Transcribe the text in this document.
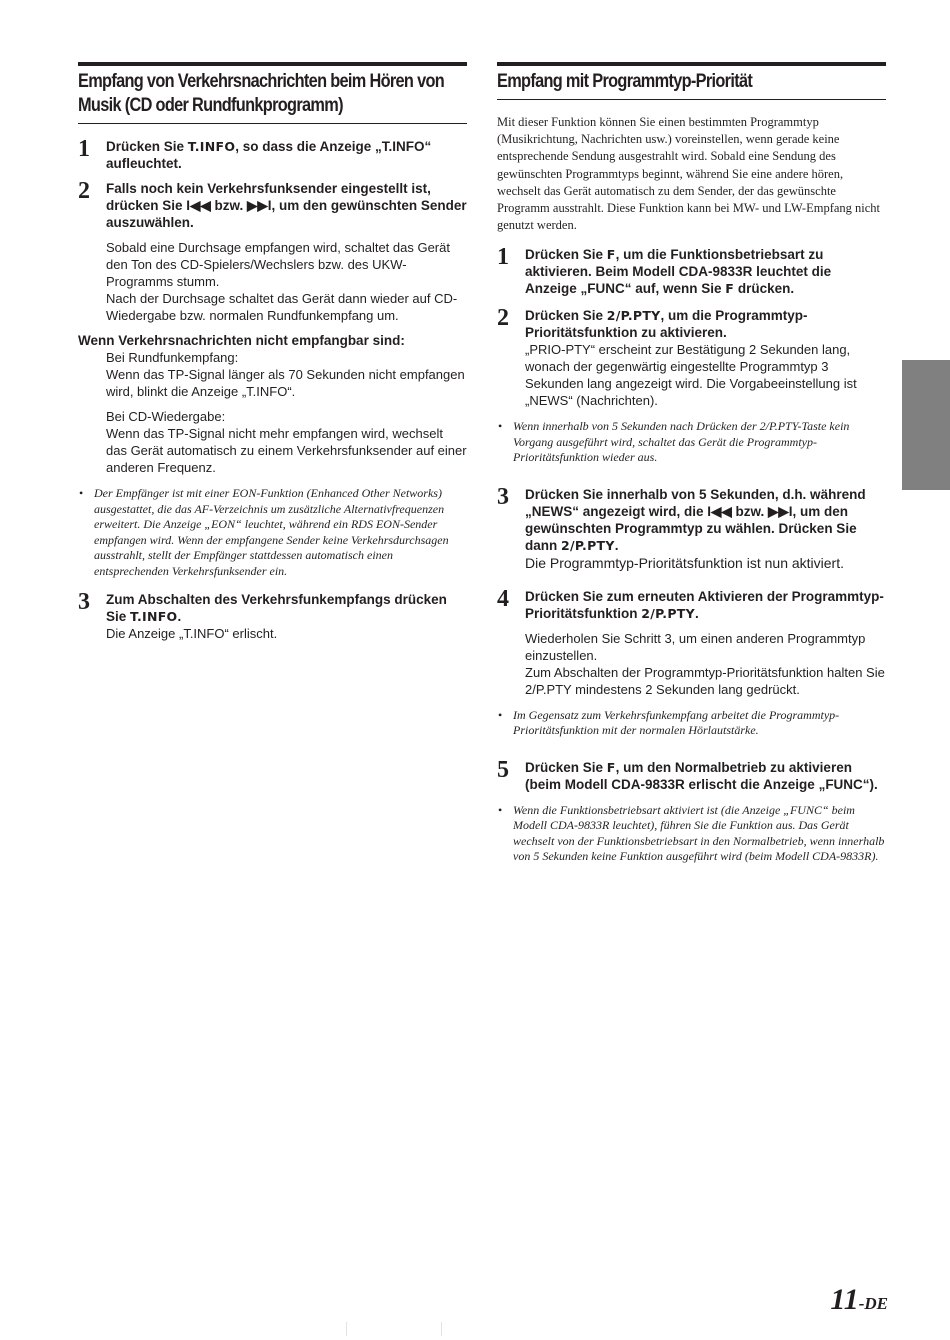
Empfang von Verkehrsnachrichten beim Hören von Musik (CD oder Rundfunkprogramm)
1	Drücken Sie T.INFO, so dass die Anzeige „T.INFO“ aufleuchtet.
2	Falls noch kein Verkehrsfunksender eingestellt ist, drücken Sie I◀◀ bzw. ▶▶I, um den gewünschten Sender auszuwählen.

Sobald eine Durchsage empfangen wird, schaltet das Gerät den Ton des CD-Spielers/Wechslers bzw. des UKW-Programms stumm.

Nach der Durchsage schaltet das Gerät dann wieder auf CD-Wiedergabe bzw. normalen Rundfunkempfang um.

Wenn Verkehrsnachrichten nicht empfangbar sind:

Bei Rundfunkempfang:

Wenn das TP-Signal länger als 70 Sekunden nicht empfangen wird, blinkt die Anzeige „T.INFO“.

Bei CD-Wiedergabe:

Wenn das TP-Signal nicht mehr empfangen wird, wechselt das Gerät automatisch zu einem Verkehrsfunksender auf einer anderen Frequenz.

• Der Empfänger ist mit einer EON-Funktion (Enhanced Other Networks) ausgestattet, die das AF-Verzeichnis um zusätzliche Alternativfrequenzen erweitert. Die Anzeige „EON“ leuchtet, während ein RDS EON-Sender empfangen wird. Wenn der empfangene Sender keine Verkehrsdurchsagen ausstrahlt, stellt der Empfänger stattdessen automatisch einen entsprechenden Verkehrsfunksender ein.
3	Zum Abschalten des Verkehrsfunkempfangs drücken Sie T.INFO.

Die Anzeige „T.INFO“ erlischt.

Empfang mit Programmtyp-Priorität

Mit dieser Funktion können Sie einen bestimmten Programmtyp (Musikrichtung, Nachrichten usw.) voreinstellen, wenn gerade keine entsprechende Sendung ausgestrahlt wird. Sobald eine Sendung des gewünschten Programmtyps beginnt, während Sie eine andere hören, wechselt das Gerät automatisch zu dem Sender, der das gewünschte Programm ausstrahlt. Diese Funktion kann bei MW- und LW-Empfang nicht genutzt werden.

1	Drücken Sie F, um die Funktionsbetriebsart zu aktivieren. Beim Modell CDA-9833R leuchtet die Anzeige „FUNC“ auf, wenn Sie F drücken.
2	Drücken Sie 2/P.PTY, um die Programmtyp-Prioritätsfunktion zu aktivieren.

„PRIO-PTY“ erscheint zur Bestätigung 2 Sekunden lang, wonach der gegenwärtig eingestellte Programmtyp 3 Sekunden lang angezeigt wird. Die Vorgabeeinstellung ist „NEWS“ (Nachrichten).

• Wenn innerhalb von 5 Sekunden nach Drücken der 2/P.PTY-Taste kein Vorgang ausgeführt wird, schaltet das Gerät die Programmtyp-Prioritätsfunktion wieder aus.
3	Drücken Sie innerhalb von 5 Sekunden, d.h. während „NEWS“ angezeigt wird, die I◀◀ bzw. ▶▶I, um den gewünschten Programmtyp zu wählen. Drücken Sie dann 2/P.PTY.

Die Programmtyp-Prioritätsfunktion ist nun aktiviert.

4	Drücken Sie zum erneuten Aktivieren der Programmtyp-Prioritätsfunktion 2/P.PTY.

Wiederholen Sie Schritt 3, um einen anderen Programmtyp einzustellen.

Zum Abschalten der Programmtyp-Prioritätsfunktion halten Sie 2/P.PTY mindestens 2 Sekunden lang gedrückt.

• Im Gegensatz zum Verkehrsfunkempfang arbeitet die Programmtyp-Prioritätsfunktion mit der normalen Hörlautstärke.
5	Drücken Sie F, um den Normalbetrieb zu aktivieren (beim Modell CDA-9833R erlischt die Anzeige „FUNC“).
• Wenn die Funktionsbetriebsart aktiviert ist (die Anzeige „FUNC“ beim Modell CDA-9833R leuchtet), führen Sie die Funktion aus. Das Gerät wechselt von der Funktionsbetriebsart in den Normalbetrieb, wenn innerhalb von 5 Sekunden keine Funktion ausgeführt wird (beim Modell CDA-9833R).
11-DE
